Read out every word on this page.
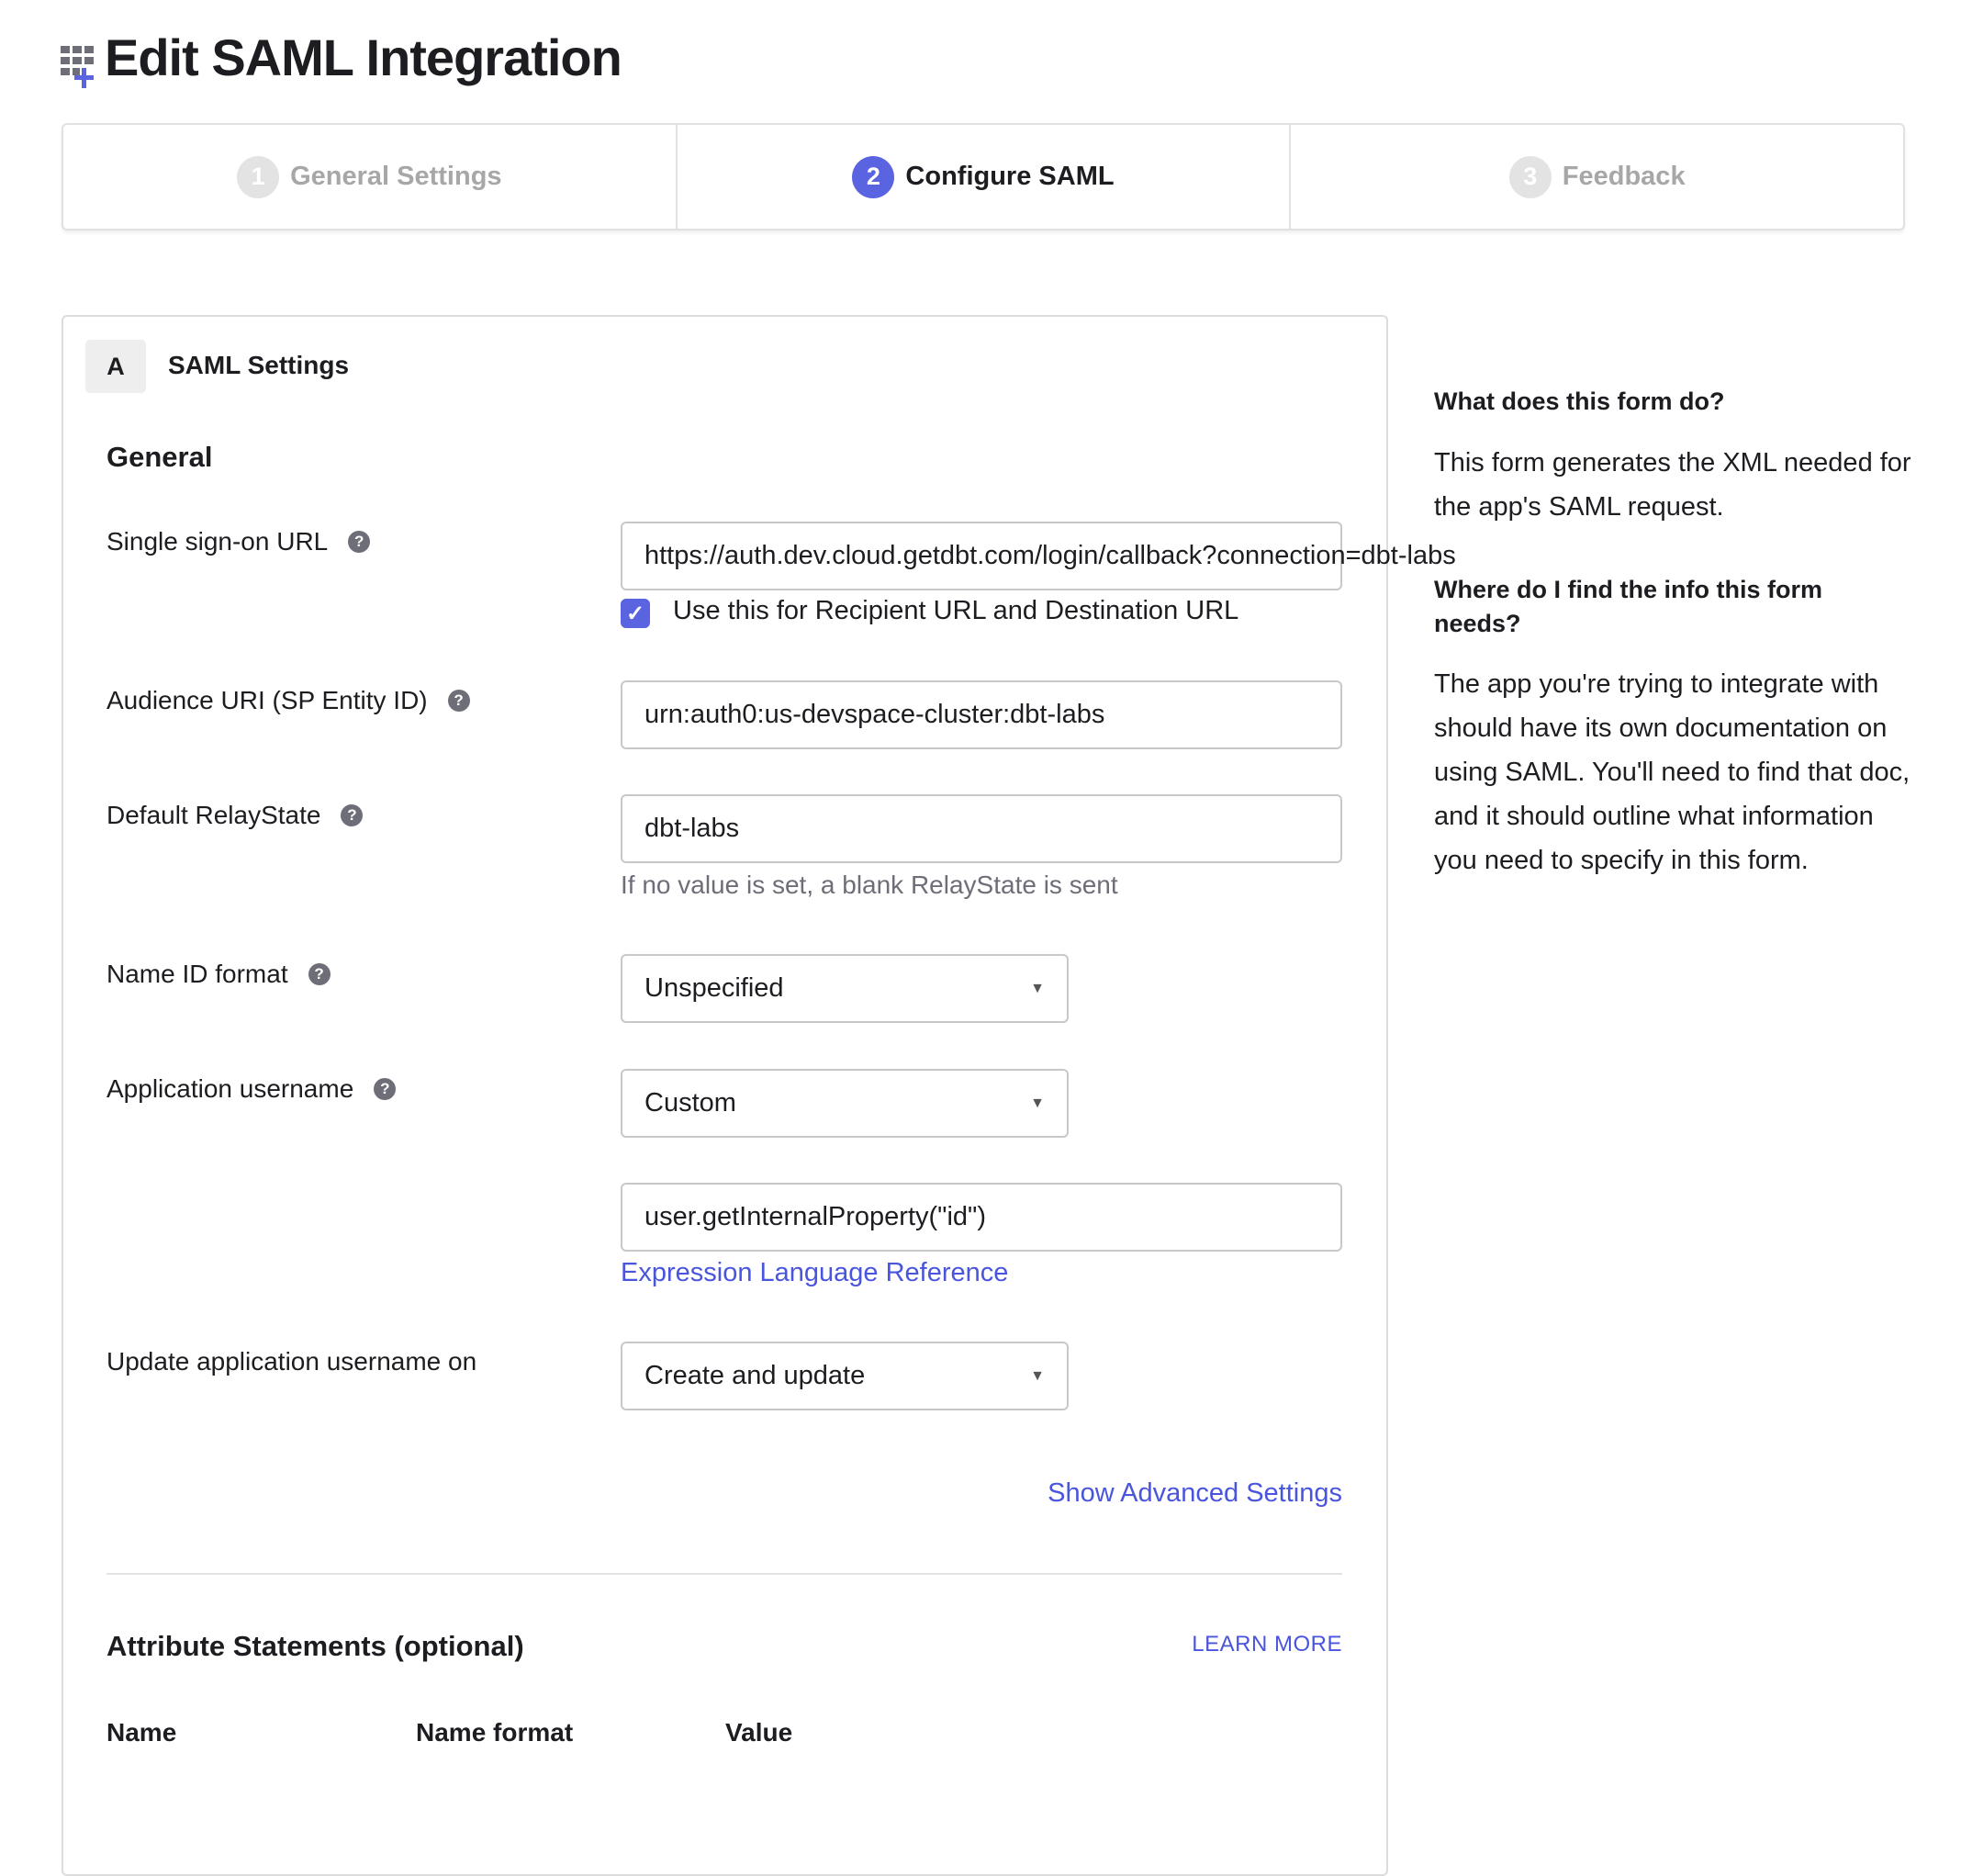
Edit SAML Integration
1 General Settings	2 Configure SAML	3 Feedback
A	SAML Settings
General
Single sign-on URL	?	https://auth.dev.cloud.getdbt.com/login/callback?connection=dbt-labs
✓ Use this for Recipient URL and Destination URL
Audience URI (SP Entity ID)	?	urn:auth0:us-devspace-cluster:dbt-labs
Default RelayState	?	dbt-labs
If no value is set, a blank RelayState is sent
Name ID format	?	Unspecified	▼
Application username	?	Custom	▼
user.getInternalProperty("id")
Expression Language Reference
Update application username on	Create and update	▼
Show Advanced Settings
Attribute Statements (optional)	LEARN MORE
Name	Name format	Value
What does this form do?
This form generates the XML needed for the app's SAML request.
Where do I find the info this form needs?
The app you're trying to integrate with should have its own documentation on using SAML. You'll need to find that doc, and it should outline what information you need to specify in this form.
